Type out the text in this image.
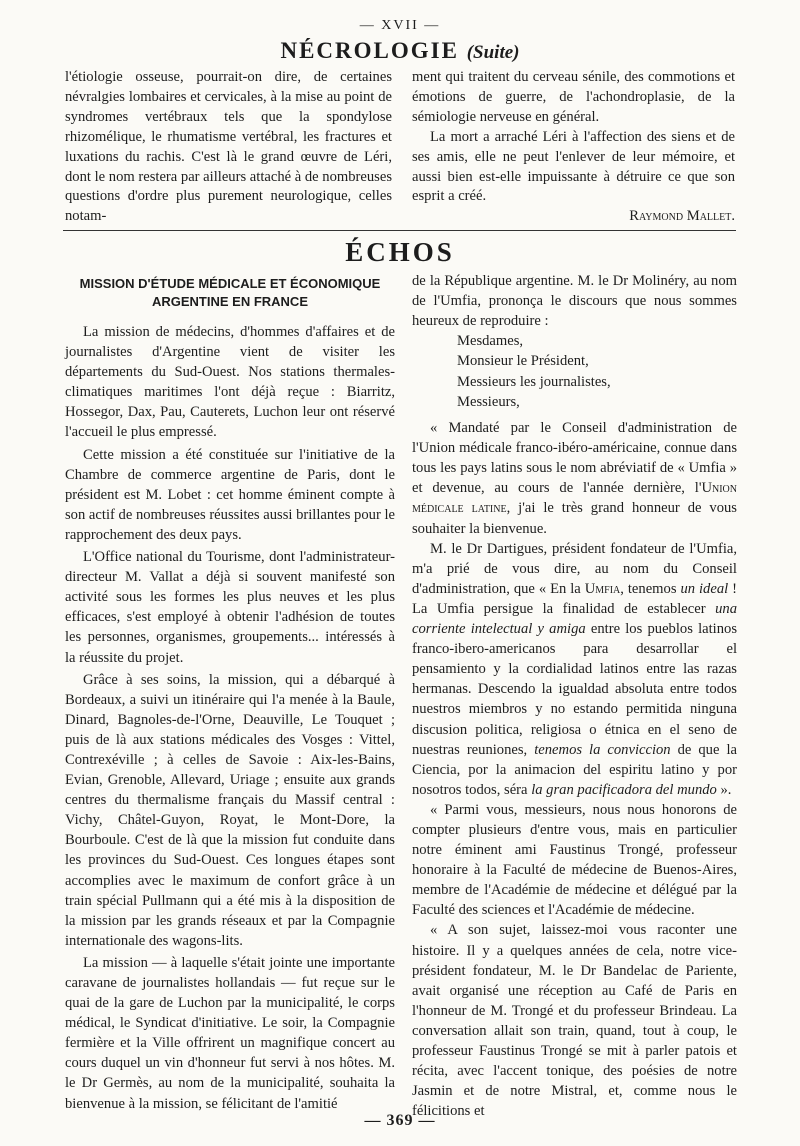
— XVII —
NÉCROLOGIE (Suite)

l'étiologie osseuse, pourrait-on dire, de certaines névralgies lombaires et cervicales, à la mise au point de syndromes vertébraux tels que la spondylose rhizomélique, le rhumatisme vertébral, les fractures et luxations du rachis. C'est là le grand œuvre de Léri, dont le nom restera par ailleurs attaché à de nombreuses questions d'ordre plus purement neurologique, celles notam-

ment qui traitent du cerveau sénile, des commotions et émotions de guerre, de l'achondroplasie, de la sémiologie nerveuse en général.

La mort a arraché Léri à l'affection des siens et de ses amis, elle ne peut l'enlever de leur mémoire, et aussi bien est-elle impuissante à détruire ce que son esprit a créé.

Raymond Mallet.

ÉCHOS
MISSION D'ÉTUDE MÉDICALE ET ÉCONOMIQUE ARGENTINE EN FRANCE

La mission de médecins, d'hommes d'affaires et de journalistes d'Argentine vient de visiter les départements du Sud-Ouest. Nos stations thermales-climatiques maritimes l'ont déjà reçue : Biarritz, Hossegor, Dax, Pau, Cauterets, Luchon leur ont réservé l'accueil le plus empressé.

Cette mission a été constituée sur l'initiative de la Chambre de commerce argentine de Paris, dont le président est M. Lobet : cet homme éminent compte à son actif de nombreuses réussites aussi brillantes pour le rapprochement des deux pays.

L'Office national du Tourisme, dont l'administrateur-directeur M. Vallat a déjà si souvent manifesté son activité sous les formes les plus neuves et les plus efficaces, s'est employé à obtenir l'adhésion de toutes les personnes, organismes, groupements... intéressés à la réussite du projet.

Grâce à ses soins, la mission, qui a débarqué à Bordeaux, a suivi un itinéraire qui l'a menée à la Baule, Dinard, Bagnoles-de-l'Orne, Deauville, Le Touquet ; puis de là aux stations médicales des Vosges : Vittel, Contrexéville ; à celles de Savoie : Aix-les-Bains, Evian, Grenoble, Allevard, Uriage ; ensuite aux grands centres du thermalisme français du Massif central : Vichy, Châtel-Guyon, Royat, le Mont-Dore, la Bourboule. C'est de là que la mission fut conduite dans les provinces du Sud-Ouest. Ces longues étapes sont accomplies avec le maximum de confort grâce à un train spécial Pullmann qui a été mis à la disposition de la mission par les grands réseaux et par la Compagnie internationale des wagons-lits.

La mission — à laquelle s'était jointe une importante caravane de journalistes hollandais — fut reçue sur le quai de la gare de Luchon par la municipalité, le corps médical, le Syndicat d'initiative. Le soir, la Compagnie fermière et la Ville offrirent un magnifique concert au cours duquel un vin d'honneur fut servi à nos hôtes. M. le Dr Germès, au nom de la municipalité, souhaita la bienvenue à la mission, se félicitant de l'amitié

de la République argentine. M. le Dr Molinéry, au nom de l'Umfia, prononça le discours que nous sommes heureux de reproduire :

Mesdames,
Monsieur le Président,
Messieurs les journalistes,
Messieurs,

« Mandaté par le Conseil d'administration de l'Union médicale franco-ibéro-américaine, connue dans tous les pays latins sous le nom abréviatif de « Umfia » et devenue, au cours de l'année dernière, l'Union médicale latine, j'ai le très grand honneur de vous souhaiter la bienvenue.

M. le Dr Dartigues, président fondateur de l'Umfia, m'a prié de vous dire, au nom du Conseil d'administration, que « En la Umfia, tenemos un ideal ! La Umfia persigue la finalidad de establecer una corriente intelectual y amiga entre los pueblos latinos franco-ibero-americanos para desarrollar el pensamiento y la cordialidad latinos entre las razas hermanas. Descendo la igualdad absoluta entre todos nuestros miembros y no estando permitida ninguna discusion politica, religiosa o étnica en el seno de nuestras reuniones, tenemos la conviccion de que la Ciencia, por la animacion del espiritu latino y por nosotros todos, séra la gran pacificadora del mundo ».

« Parmi vous, messieurs, nous nous honorons de compter plusieurs d'entre vous, mais en particulier notre éminent ami Faustinus Trongé, professeur honoraire à la Faculté de médecine de Buenos-Aires, membre de l'Académie de médecine et délégué par la Faculté des sciences et l'Académie de médecine.

« A son sujet, laissez-moi vous raconter une histoire. Il y a quelques années de cela, notre vice-président fondateur, M. le Dr Bandelac de Pariente, avait organisé une réception au Café de Paris en l'honneur de M. Trongé et du professeur Brindeau. La conversation allait son train, quand, tout à coup, le professeur Faustinus Trongé se mit à parler patois et récita, avec l'accent tonique, des poésies de notre Jasmin et de notre Mistral, et, comme nous le félicitions et

— 369 —
